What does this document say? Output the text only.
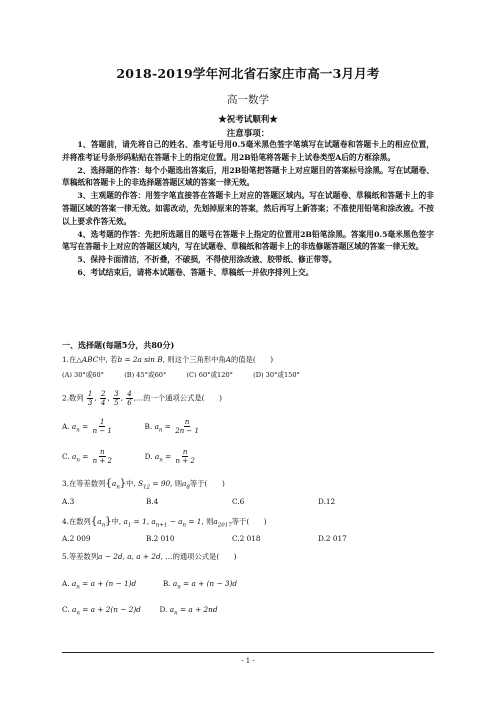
2018-2019学年河北省石家庄市高一3月月考
高一数学
★祝考试顺利★
注意事项：

1、答题前，请先将自己的姓名、准考证号用0.5毫米黑色签字笔填写在试题卷和答题卡上的相应位置，并将准考证号条形码粘贴在答题卡上的指定位置。用2B铅笔将答题卡上试卷类型A后的方框涂黑。

2、选择题的作答：每个小题选出答案后，用2B铅笔把答题卡上对应题目的答案标号涂黑。写在试题卷、草稿纸和答题卡上的非选择题答题区域的答案一律无效。

3、主观题的作答：用签字笔直接答在答题卡上对应的答题区域内。写在试题卷、草稿纸和答题卡上的非答题区域的答案一律无效。如需改动，先划掉原来的答案，然后再写上新答案；不准使用铅笔和涂改液。不按以上要求作答无效。

4、选考题的作答：先把所选题目的题号在答题卡上指定的位置用2B铅笔涂黑。答案用0.5毫米黑色签字笔写在答题卡上对应的答题区域内，写在试题卷、草稿纸和答题卡上的非选修题答题区域的答案一律无效。

5、保持卡面清洁，不折叠，不破损，不得使用涂改液、胶带纸、修正带等。

6、考试结束后，请将本试题卷、答题卡、草稿纸一并依序排列上交。

一、选择题(每题5分，共80分)
1.在△ABC中, 若b = 2a sin B, 则这个三角形中角A的值是(　　)
(A) 30°或60°	(B) 45°或60°	(C) 60°或120°	(D) 30°或150°
2.数列 $\frac{1}{3}$ , $\frac{2}{4}$ , $\frac{3}{5}$ , $\frac{4}{6}$ ,…的一个通项公式是(　　)
A. $a_n = \frac{1}{n - 1}$	B. $a_n = \frac{n}{2n - 1}$
C. $a_n = \frac{n}{n + 2}$	D. $a_n = \frac{n}{n + 2}$
3.在等差数列$\{a_n\}$中, $S_{12} = 90$, 则$a_8$等于(　　)
A.3	B.4	C.6	D.12
4.在数列$\{a_n\}$中, $a_1 = 1$, $a_{n+1} - a_n = 1$, 则$a_{2017}$等于(　　)
A.2 009	B.2 010	C.2 018	D.2 017
5.等差数列a − 2d, a, a + 2d, …的通项公式是(　　)
A. $a_n = a + (n - 1)d$	B. $a_n = a + (n - 3)d$
C. $a_n = a + 2(n - 2)d$	D. $a_n = a + 2nd$
- 1 -
